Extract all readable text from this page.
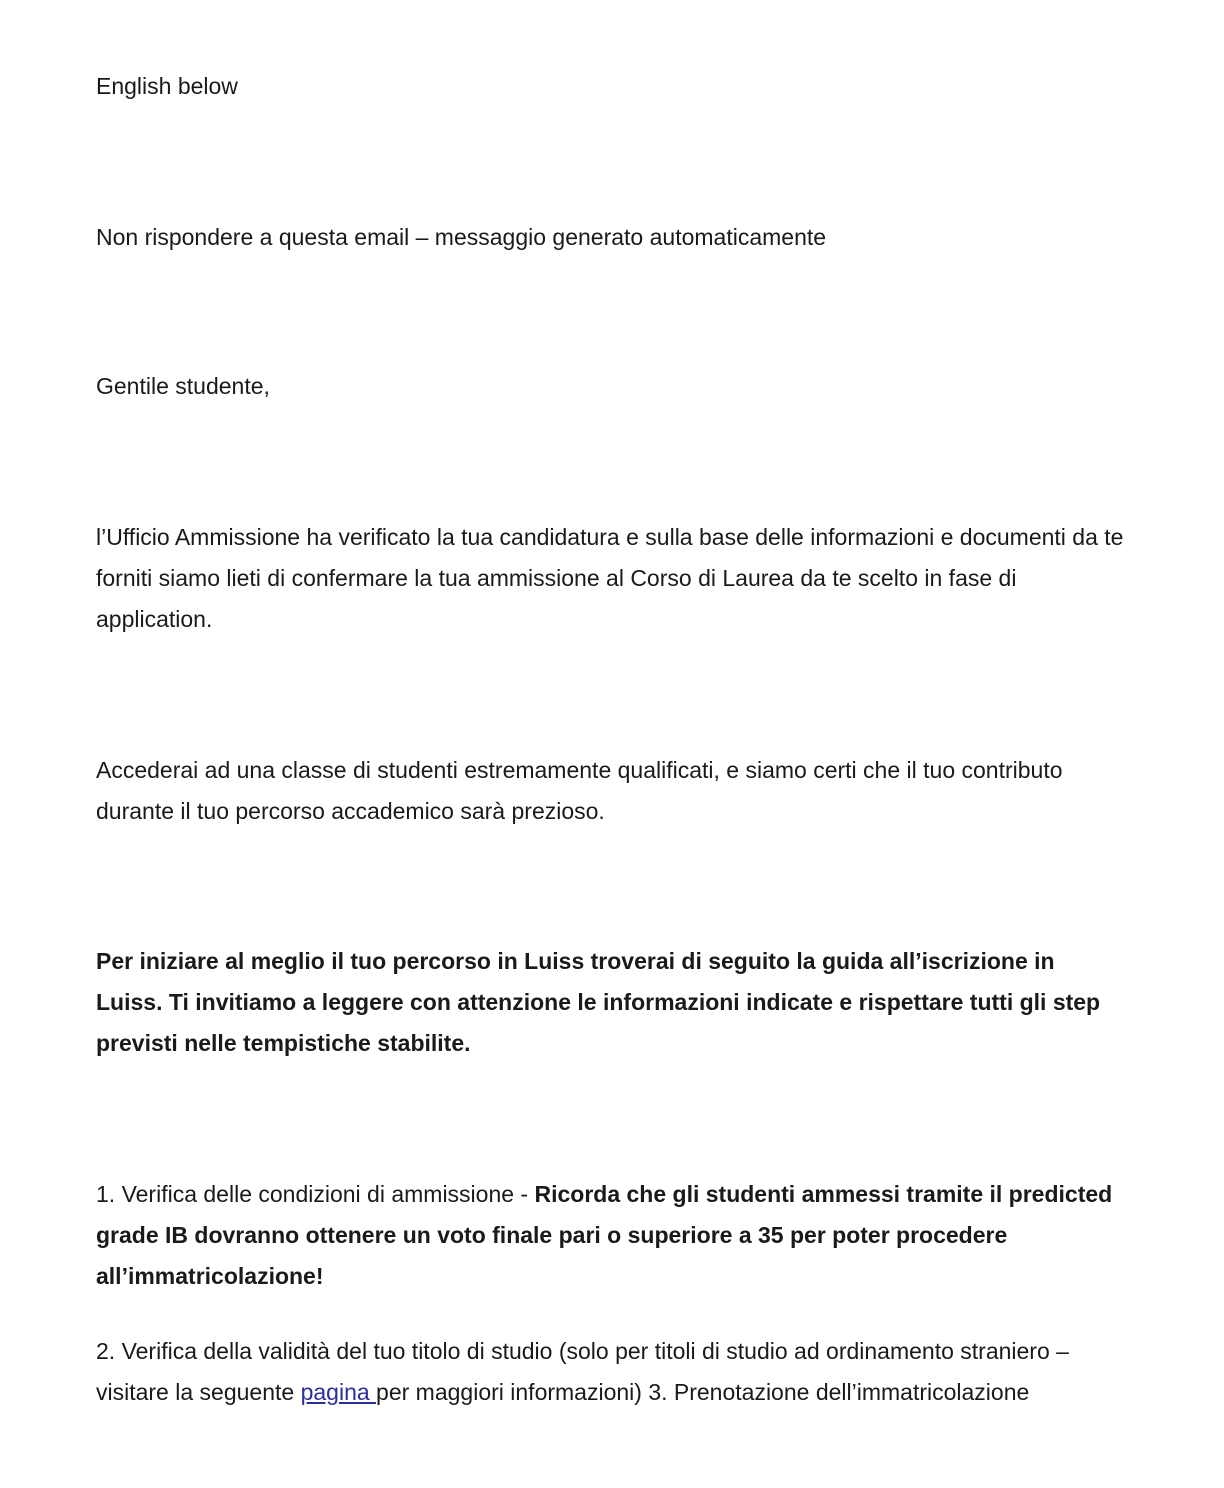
English below

Non rispondere a questa email – messaggio generato automaticamente

Gentile studente,

l’Ufficio Ammissione ha verificato la tua candidatura e sulla base delle informazioni e documenti da te forniti siamo lieti di confermare la tua ammissione al Corso di Laurea da te scelto in fase di application.

Accederai ad una classe di studenti estremamente qualificati, e siamo certi che il tuo contributo durante il tuo percorso accademico sarà prezioso.

Per iniziare al meglio il tuo percorso in Luiss troverai di seguito la guida all’iscrizione in Luiss. Ti invitiamo a leggere con attenzione le informazioni indicate e rispettare tutti gli step previsti nelle tempistiche stabilite.

1. Verifica delle condizioni di ammissione - Ricorda che gli studenti ammessi tramite il predicted grade IB dovranno ottenere un voto finale pari o superiore a 35 per poter procedere all’immatricolazione!

2. Verifica della validità del tuo titolo di studio (solo per titoli di studio ad ordinamento straniero – visitare la seguente pagina per maggiori informazioni) 3. Prenotazione dell’immatricolazione
